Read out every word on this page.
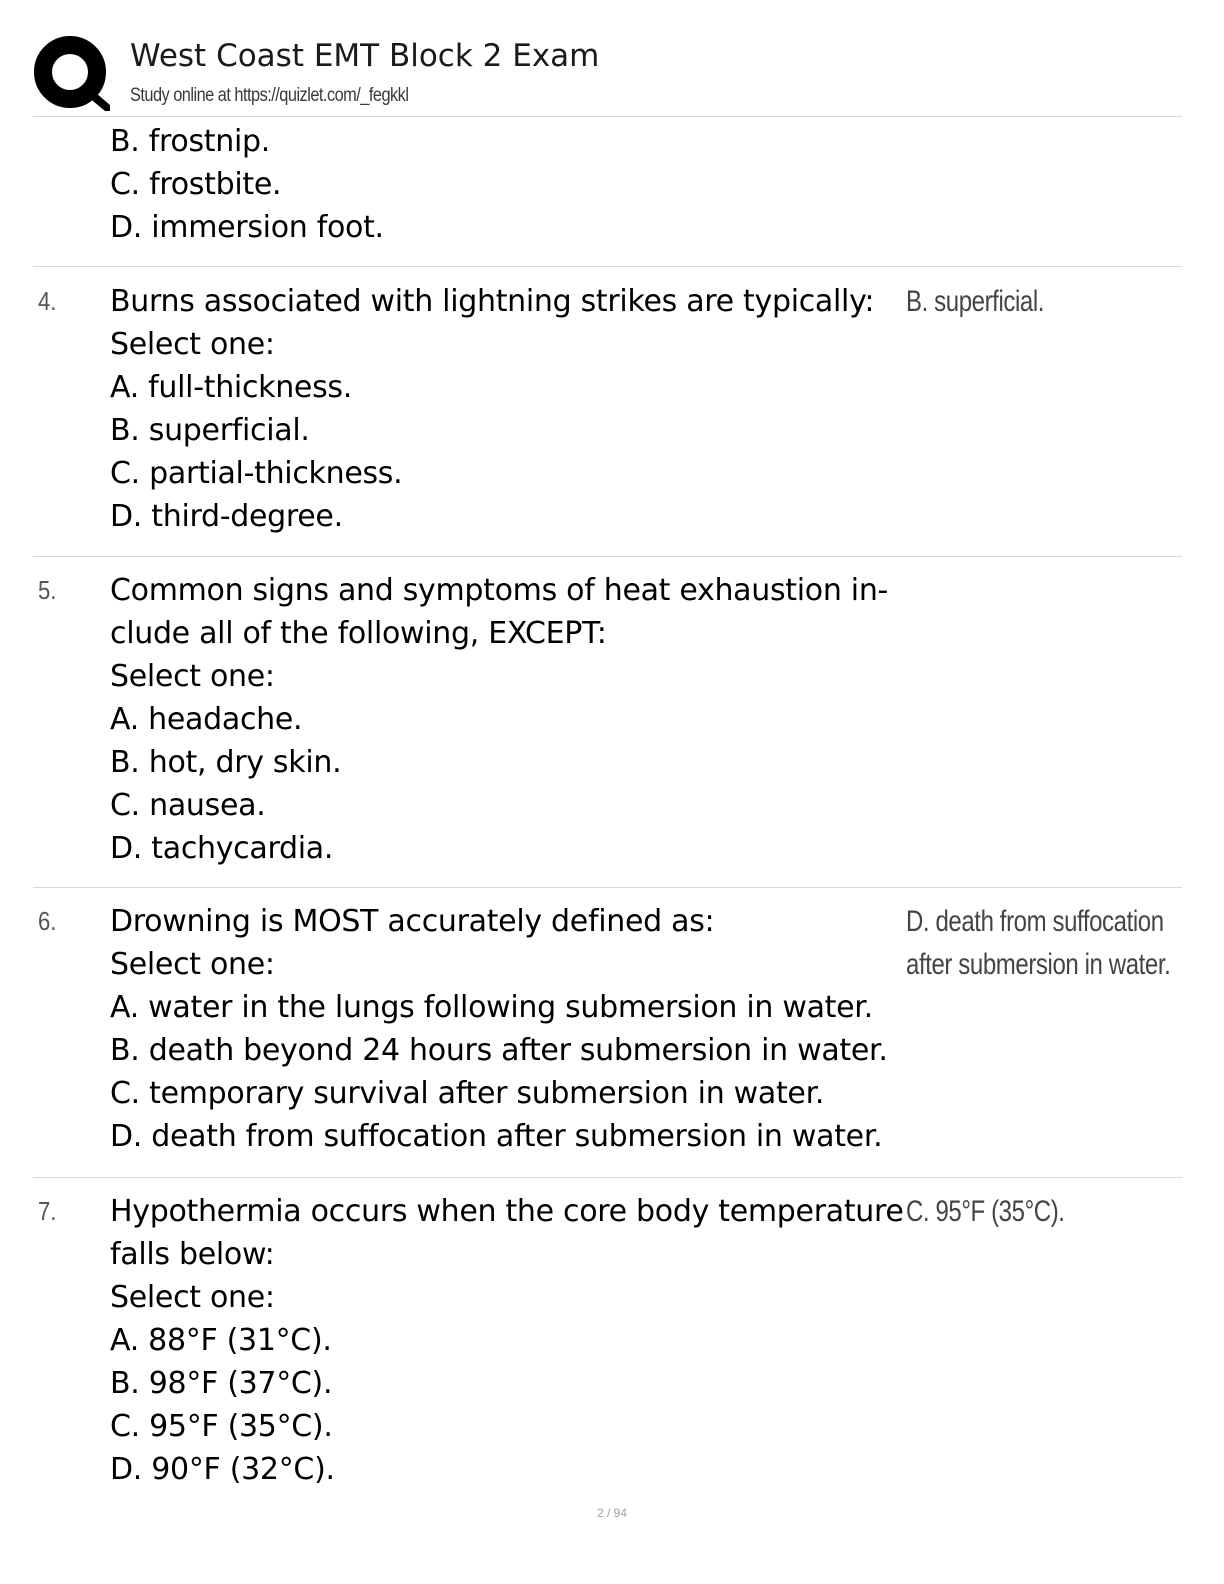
West Coast EMT Block 2 Exam
Study online at https://quizlet.com/_fegkkl
B. frostnip.
C. frostbite.
D. immersion foot.
4. Burns associated with lightning strikes are typically:
Select one:
A. full-thickness.
B. superficial.
C. partial-thickness.
D. third-degree.
B. superficial.
5. Common signs and symptoms of heat exhaustion in-
clude all of the following, EXCEPT:
Select one:
A. headache.
B. hot, dry skin.
C. nausea.
D. tachycardia.
6. Drowning is MOST accurately defined as:
Select one:
A. water in the lungs following submersion in water.
B. death beyond 24 hours after submersion in water.
C. temporary survival after submersion in water.
D. death from suffocation after submersion in water.
D. death from suffocation
after submersion in water.
7. Hypothermia occurs when the core body temperature
falls below:
Select one:
A. 88°F (31°C).
B. 98°F (37°C).
C. 95°F (35°C).
D. 90°F (32°C).
C. 95°F (35°C).
2 / 94
